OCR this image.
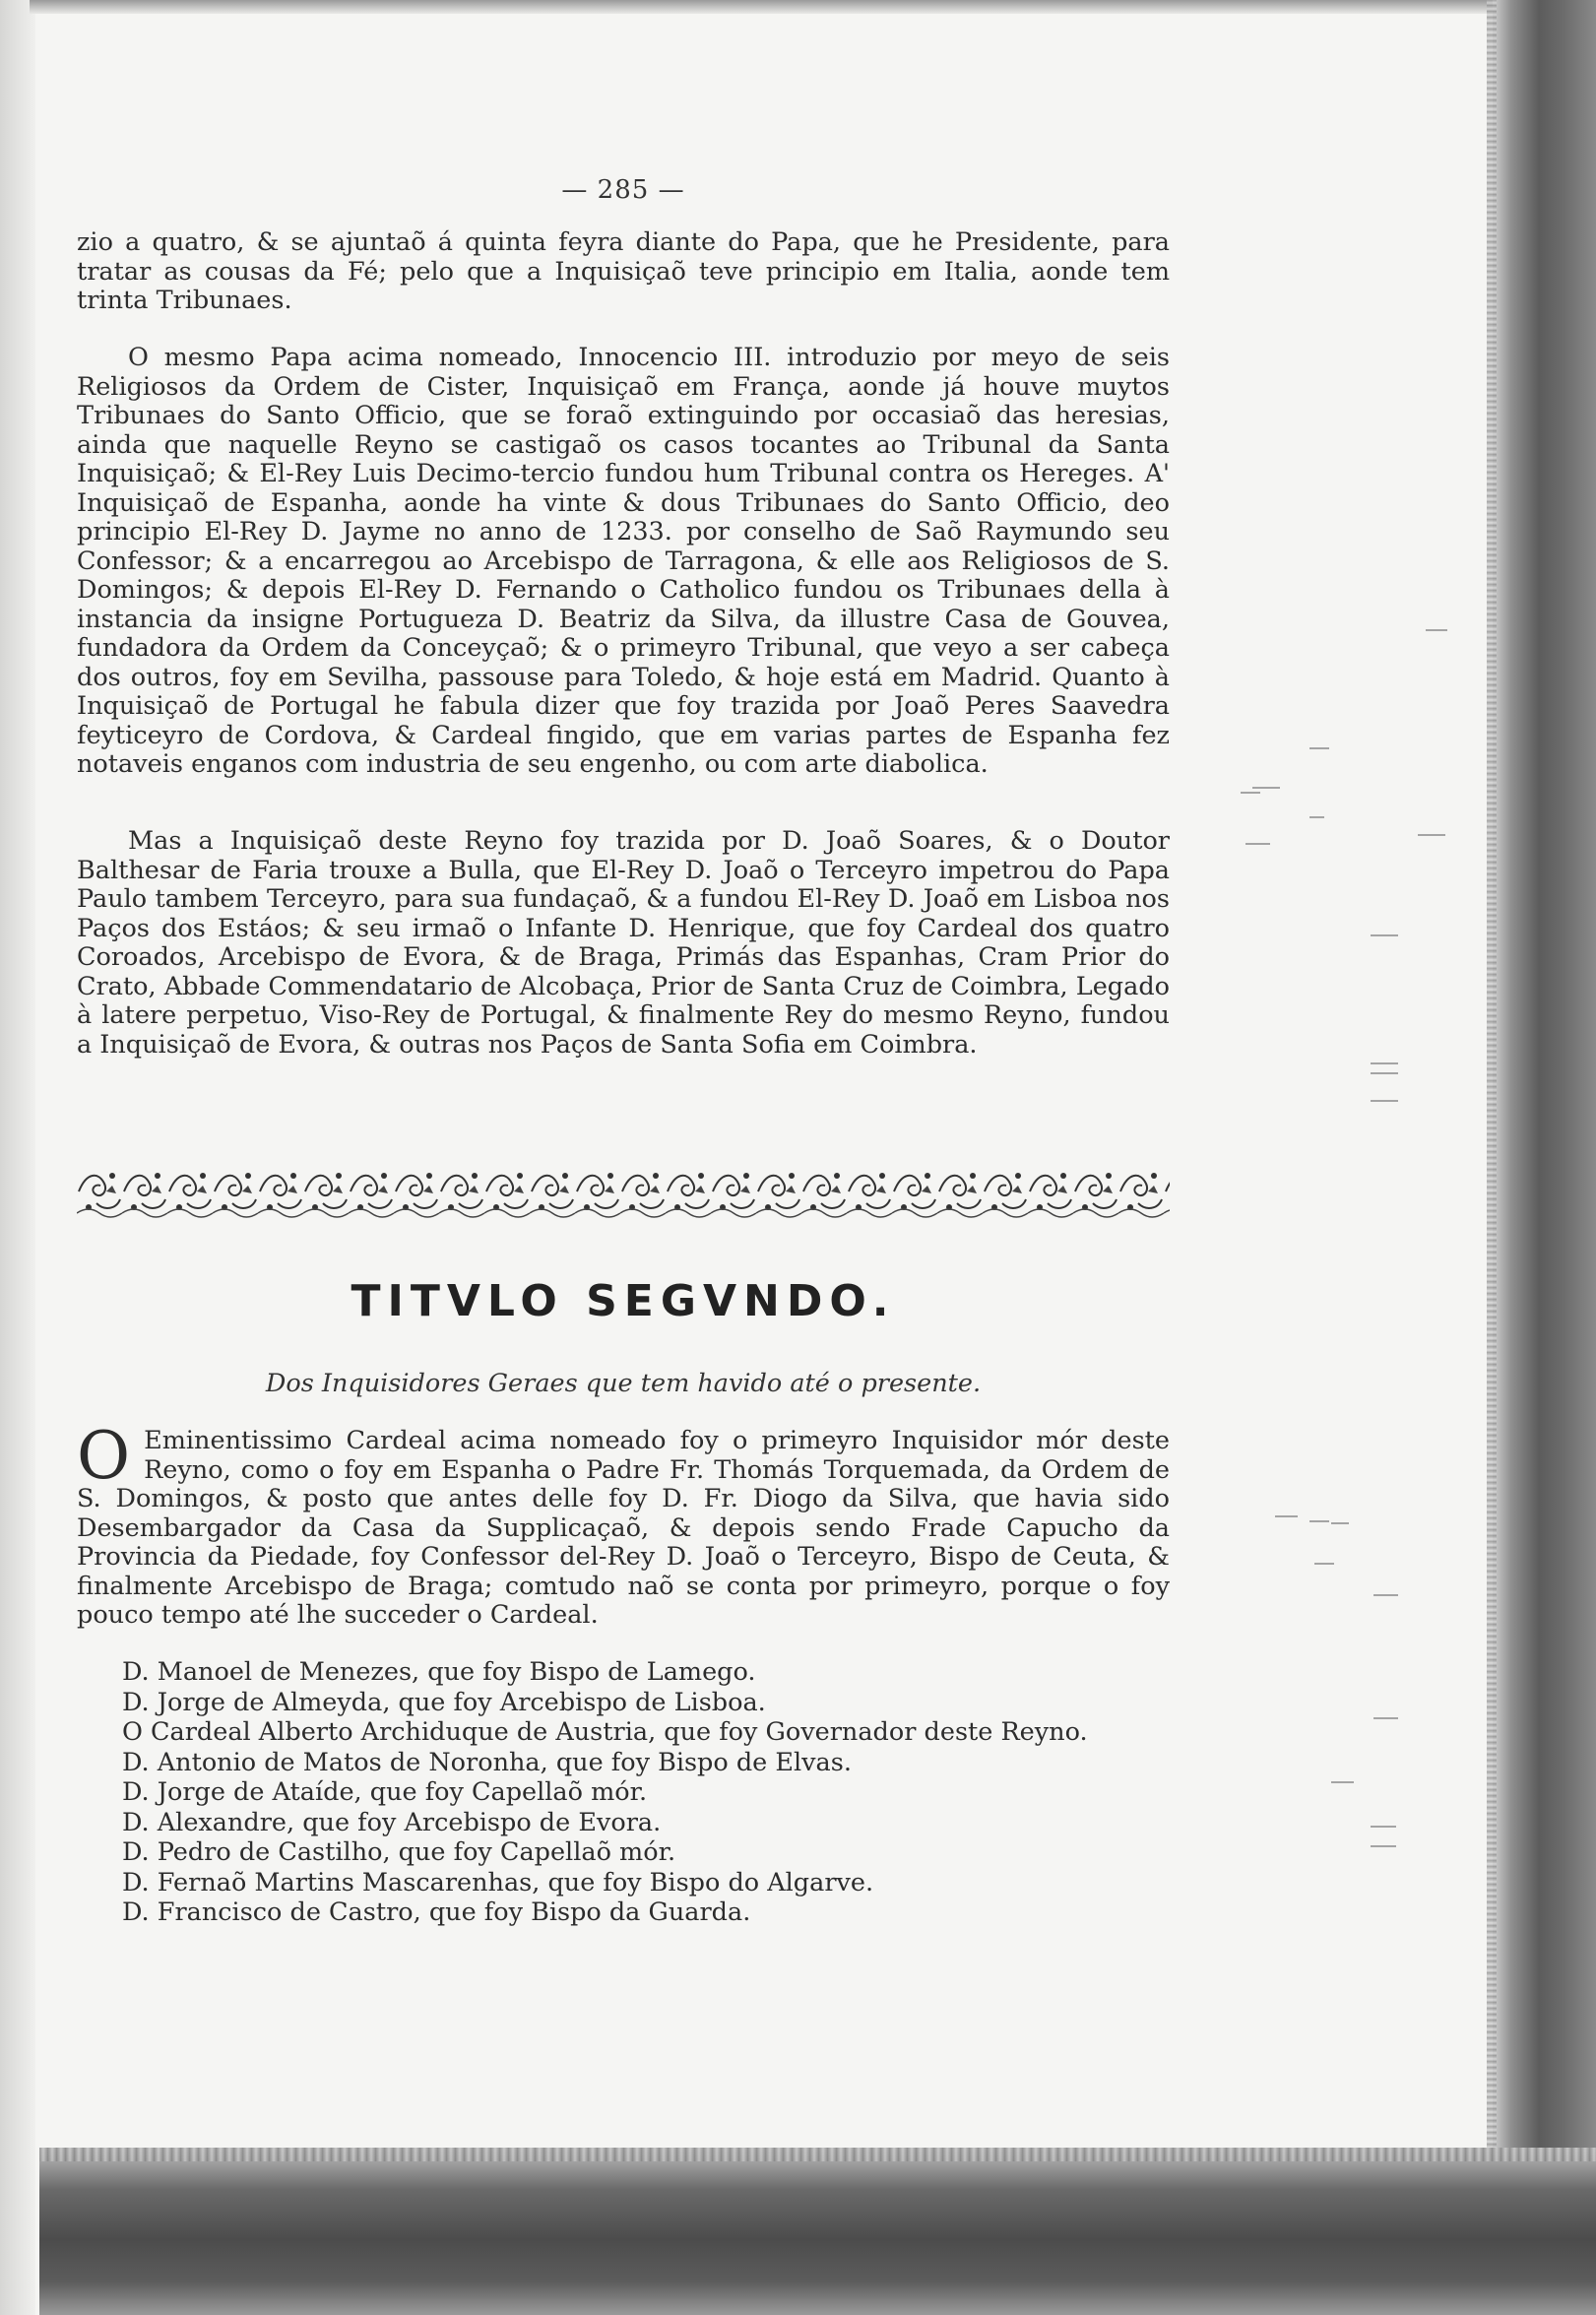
— 285 —

zio a quatro, & se ajuntaõ á quinta feyra diante do Papa, que he Presidente, para tratar as cousas da Fé; pelo que a Inquisiçaõ teve principio em Italia, aonde tem trinta Tribunaes.

O mesmo Papa acima nomeado, Innocencio III. introduzio por meyo de seis Religiosos da Ordem de Cister, Inquisiçaõ em França, aonde já houve muytos Tribunaes do Santo Officio, que se foraõ extinguindo por occasiaõ das heresias, ainda que naquelle Reyno se castigaõ os casos tocantes ao Tribunal da Santa Inquisiçaõ; & El-Rey Luis Decimo-tercio fundou hum Tribunal contra os Hereges. A' Inquisiçaõ de Espanha, aonde ha vinte & dous Tribunaes do Santo Officio, deo principio El-Rey D. Jayme no anno de 1233. por conselho de Saõ Raymundo seu Confessor; & a encarregou ao Arcebispo de Tarragona, & elle aos Religiosos de S. Domingos; & depois El-Rey D. Fernando o Catholico fundou os Tribunaes della à instancia da insigne Portugueza D. Beatriz da Silva, da illustre Casa de Gouvea, fundadora da Ordem da Conceyçaõ; & o primeyro Tribunal, que veyo a ser cabeça dos outros, foy em Sevilha, passouse para Toledo, & hoje está em Madrid. Quanto à Inquisiçaõ de Portugal he fabula dizer que foy trazida por Joaõ Peres Saavedra feyticeyro de Cordova, & Cardeal fingido, que em varias partes de Espanha fez notaveis enganos com industria de seu engenho, ou com arte diabolica.

Mas a Inquisiçaõ deste Reyno foy trazida por D. Joaõ Soares, & o Doutor Balthesar de Faria trouxe a Bulla, que El-Rey D. Joaõ o Terceyro impetrou do Papa Paulo tambem Terceyro, para sua fundaçaõ, & a fundou El-Rey D. Joaõ em Lisboa nos Paços dos Estáos; & seu irmaõ o Infante D. Henrique, que foy Cardeal dos quatro Coroados, Arcebispo de Evora, & de Braga, Primás das Espanhas, Cram Prior do Crato, Abbade Commendatario de Alcobaça, Prior de Santa Cruz de Coimbra, Legado à latere perpetuo, Viso-Rey de Portugal, & finalmente Rey do mesmo Reyno, fundou a Inquisiçaõ de Evora, & outras nos Paços de Santa Sofia em Coimbra.

TITVLO SEGVNDO.
Dos Inquisidores Geraes que tem havido até o presente.

O Eminentissimo Cardeal acima nomeado foy o primeyro Inquisidor mór deste Reyno, como o foy em Espanha o Padre Fr. Thomás Torquemada, da Ordem de S. Domingos, & posto que antes delle foy D. Fr. Diogo da Silva, que havia sido Desembargador da Casa da Supplicaçaõ, & depois sendo Frade Capucho da Provincia da Piedade, foy Confessor del-Rey D. Joaõ o Terceyro, Bispo de Ceuta, & finalmente Arcebispo de Braga; comtudo naõ se conta por primeyro, porque o foy pouco tempo até lhe succeder o Cardeal.

D. Manoel de Menezes, que foy Bispo de Lamego.
D. Jorge de Almeyda, que foy Arcebispo de Lisboa.
O Cardeal Alberto Archiduque de Austria, que foy Governador deste Reyno.
D. Antonio de Matos de Noronha, que foy Bispo de Elvas.
D. Jorge de Ataíde, que foy Capellaõ mór.
D. Alexandre, que foy Arcebispo de Evora.
D. Pedro de Castilho, que foy Capellaõ mór.
D. Fernaõ Martins Mascarenhas, que foy Bispo do Algarve.
D. Francisco de Castro, que foy Bispo da Guarda.
